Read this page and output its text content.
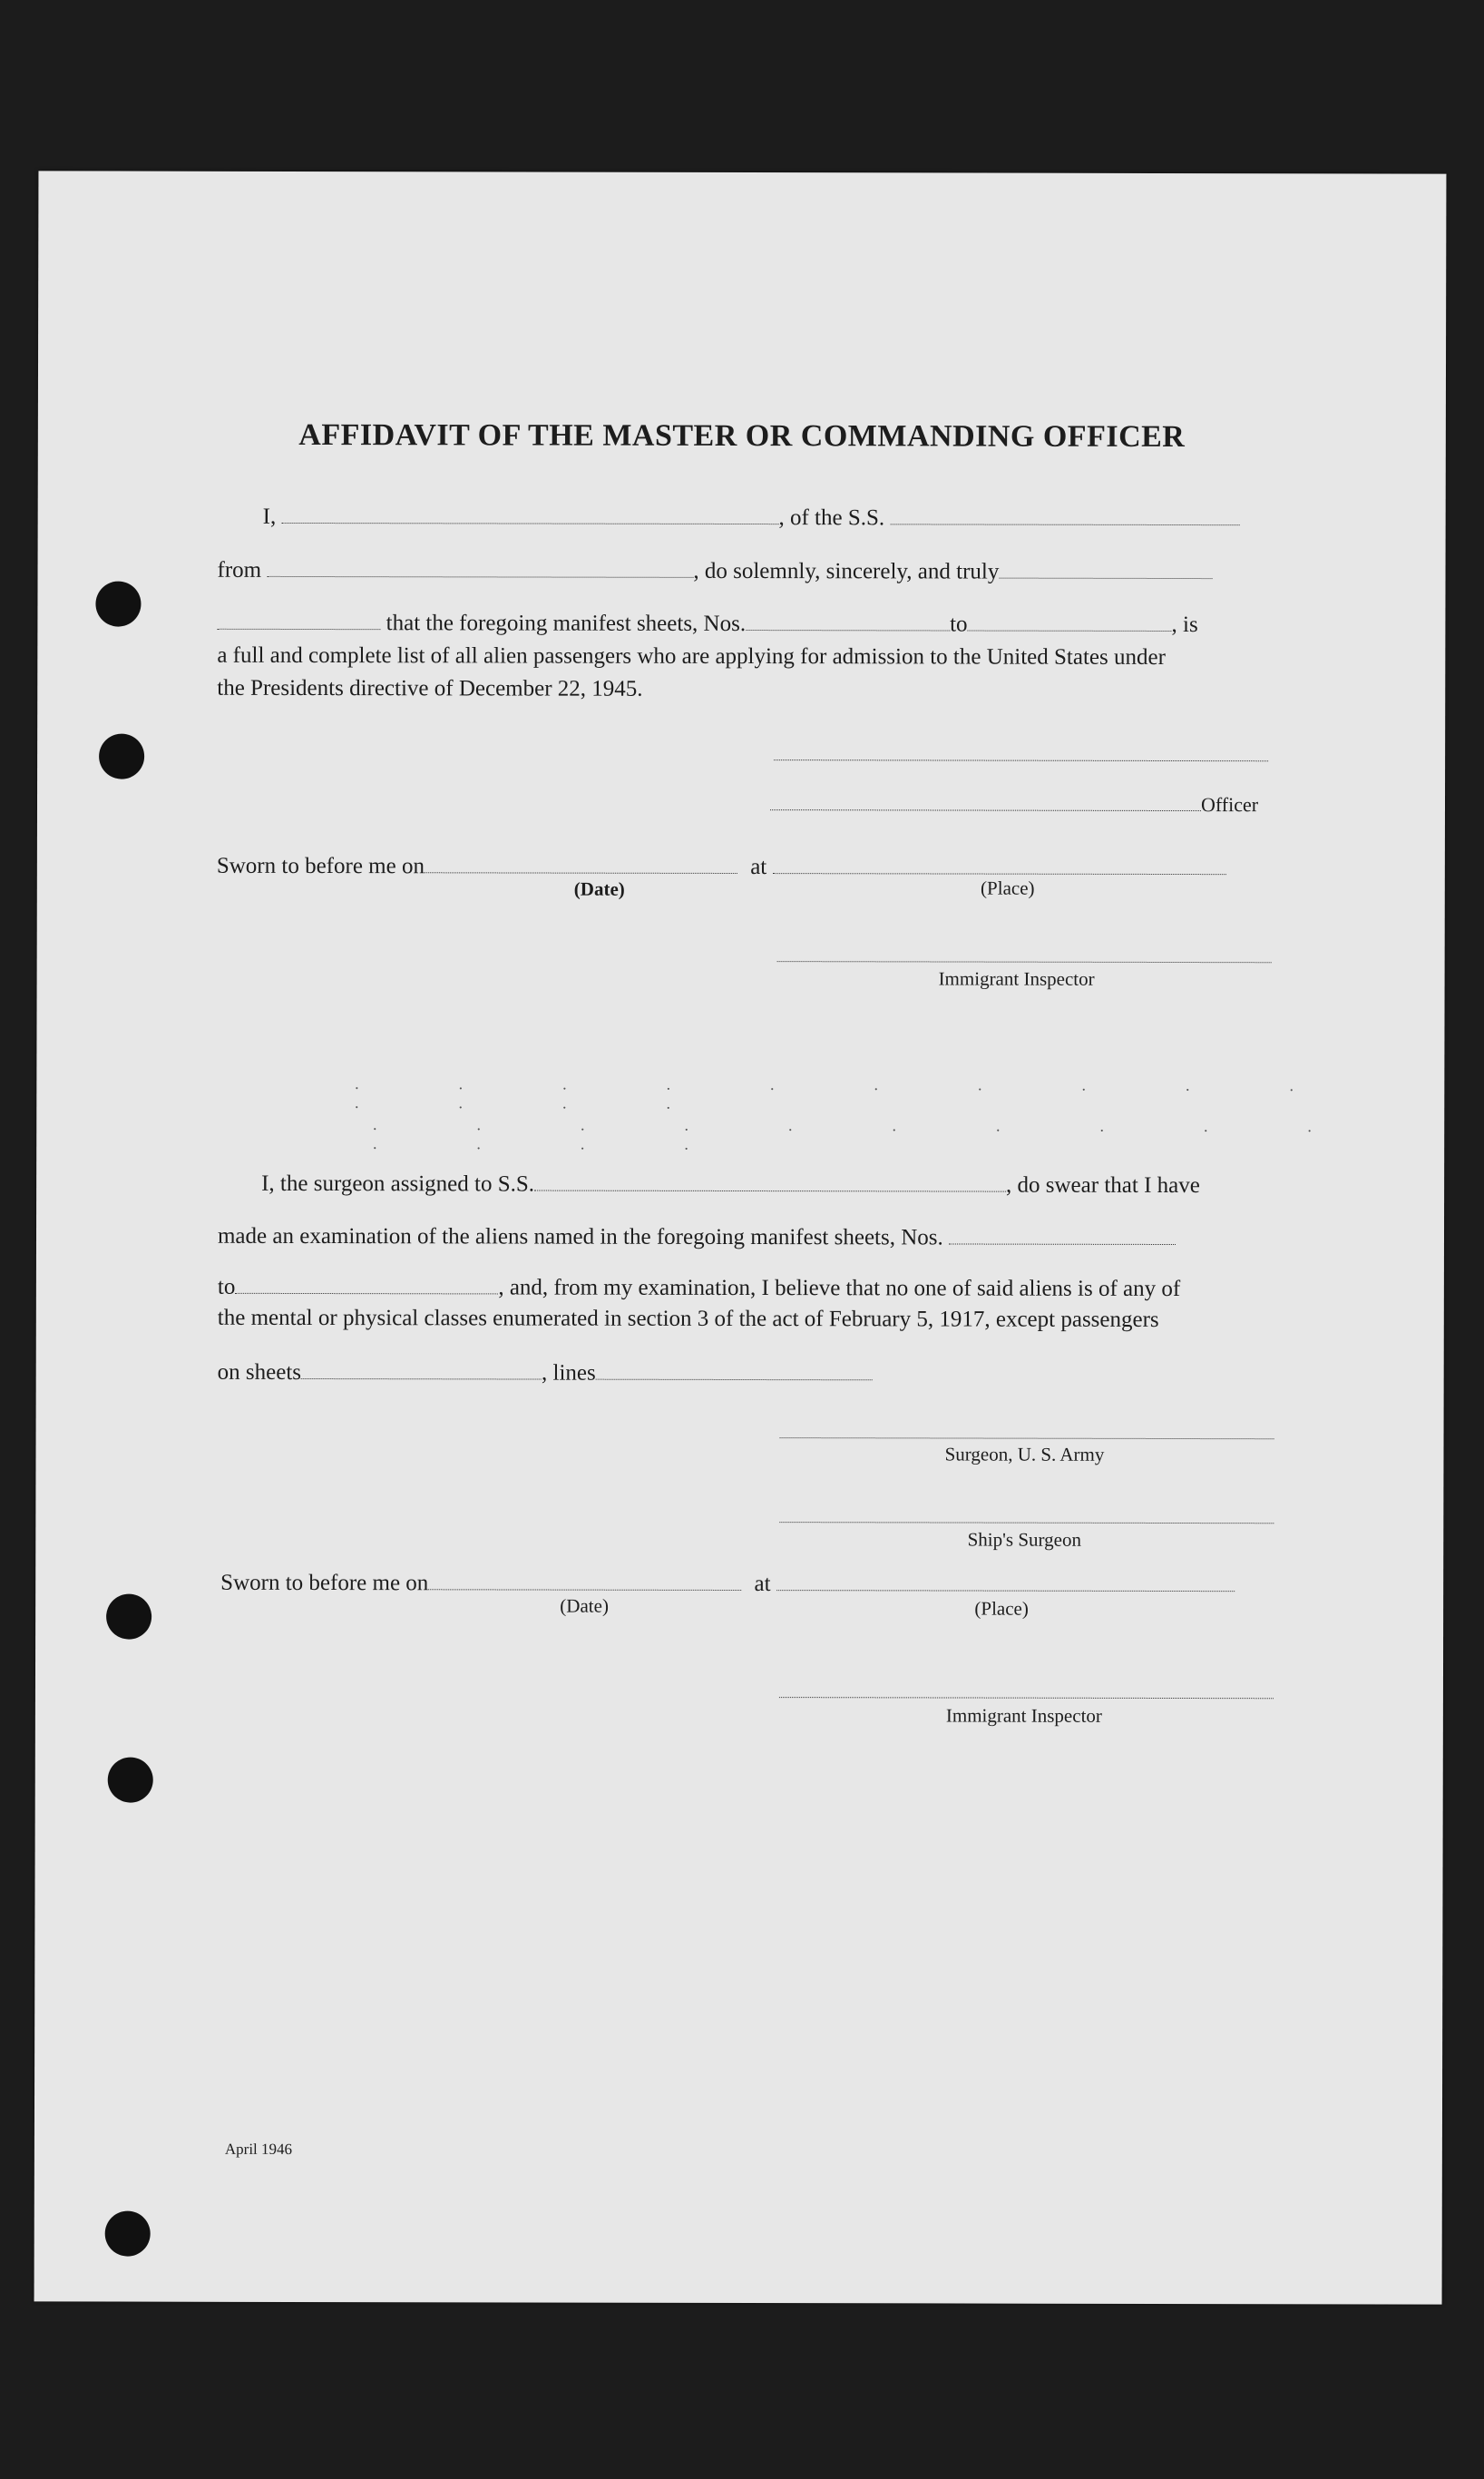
AFFIDAVIT OF THE MASTER OR COMMANDING OFFICER
I,	, of the S.S.
from	, do solemnly, sincerely, and truly
that the foregoing manifest sheets, Nos.	to	, is
a full and complete list of all alien passengers who are applying for admission to the United States under
the Presidents directive of December 22, 1945.
Officer
Sworn to before me on	at
(Date)	(Place)
Immigrant Inspector
· · · · · · · · · · · · · ·
· · · · · · · · · · · · · ·
I, the surgeon assigned to S.S.	, do swear that I have
made an examination of the aliens named in the foregoing manifest sheets, Nos.
to	, and, from my examination, I believe that no one of said aliens is of any of
the mental or physical classes enumerated in section 3 of the act of February 5, 1917, except passengers
on sheets	, lines
Surgeon, U. S. Army
Ship's Surgeon
Sworn to before me on	at
(Date)	(Place)
Immigrant Inspector
April 1946
